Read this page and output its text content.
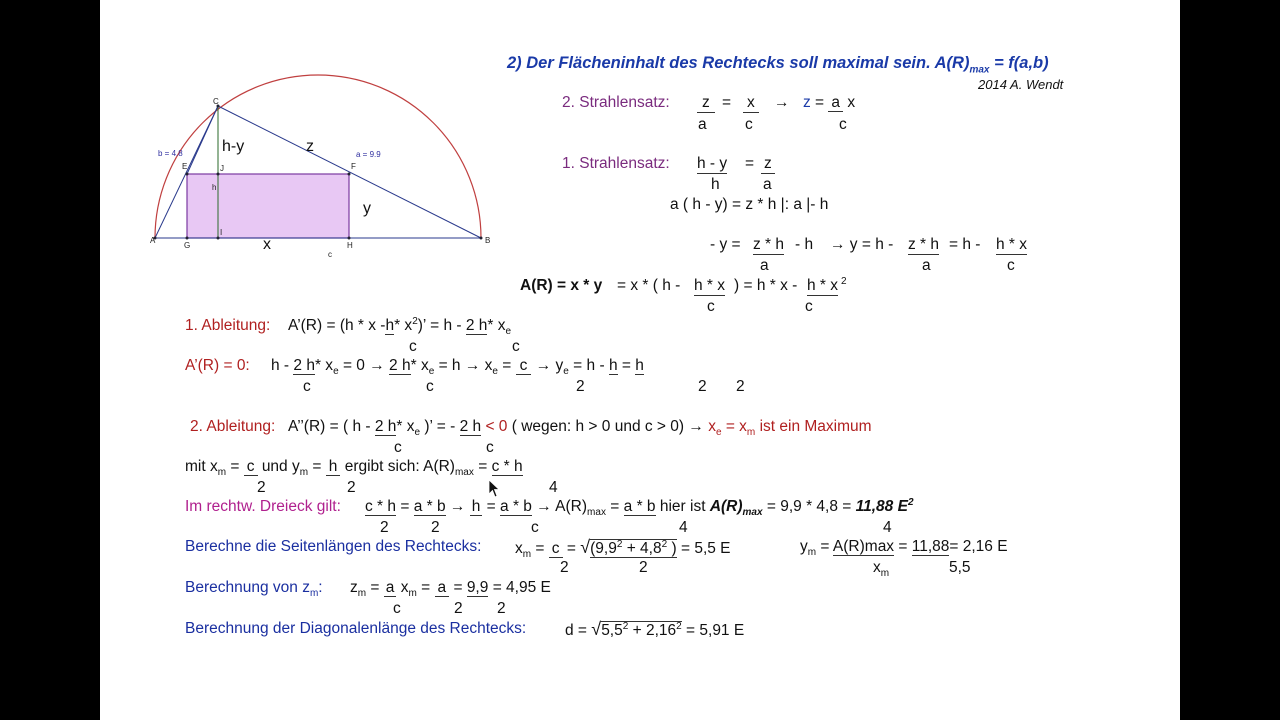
A	B
C
E	F
G	H
I
J
h
c
b = 4.8	a = 9.9
h-y	z
y
x
2) Der Flächeninhalt des Rechtecks soll maximal sein. $A(R)_{max} = f(a,b)$
2014 A. Wendt
2. Strahlensatz:	z
a
= x
c
→ z = a x
c
1. Strahlensatz: h - y
h
= z
a
a ( h - y) = z * h |: a |- h
- y = z * h
a
- h → y = h - z * h
a
= h - h * x
c
A(R) = x * y = x * ( h - h * x
c
) = h * x - h * x
c
2
1. Ableitung: A’(R) = (h * x -h* $x^2$)’ = h - 2 h* $x_e$
c	c
A’(R) = 0: h - 2 h* $x_e = 0 \to 2$ h* $x_e = h \to x_e = c \to y_e = h - h = h$
c	c	2	2 2
2. Ableitung: A’’(R) = ( h - 2 h* $x_e$ )’ = - 2 h < 0 ( wegen: h > 0 und $c > 0) \to x_e = x_m$ ist ein Maximum
c	c
mit $x_m = c$ und $y_m = h$ ergibt sich: $A(R)_{max} = c * h$
2	2	4
Im rechtw. Dreieck gilt: $c * h = a * b \to h = a * b \to A(R)_{max} = a * b$ hier ist $A(R)_{max} = 9,9 * 4,8 = 11,88$ $E^2$
2	2	c	4	4
Berechne die Seitenlängen des Rechtecks: $x_m = c = √(9,9^2 + 4,8^2$ ) = 5,5 E
2	2
$y_m = A(R)\max = 11,88= 2,16$ E
$x_m$	5,5
Berechnung von $z_m$: $z_m = a$ $x_m = a = 9,9 = 4,95$ E
c	2 2
Berechnung der Diagonalenlänge des Rechtecks:	$d = √5,5^2 + 2,16^2 = 5,91$ E
